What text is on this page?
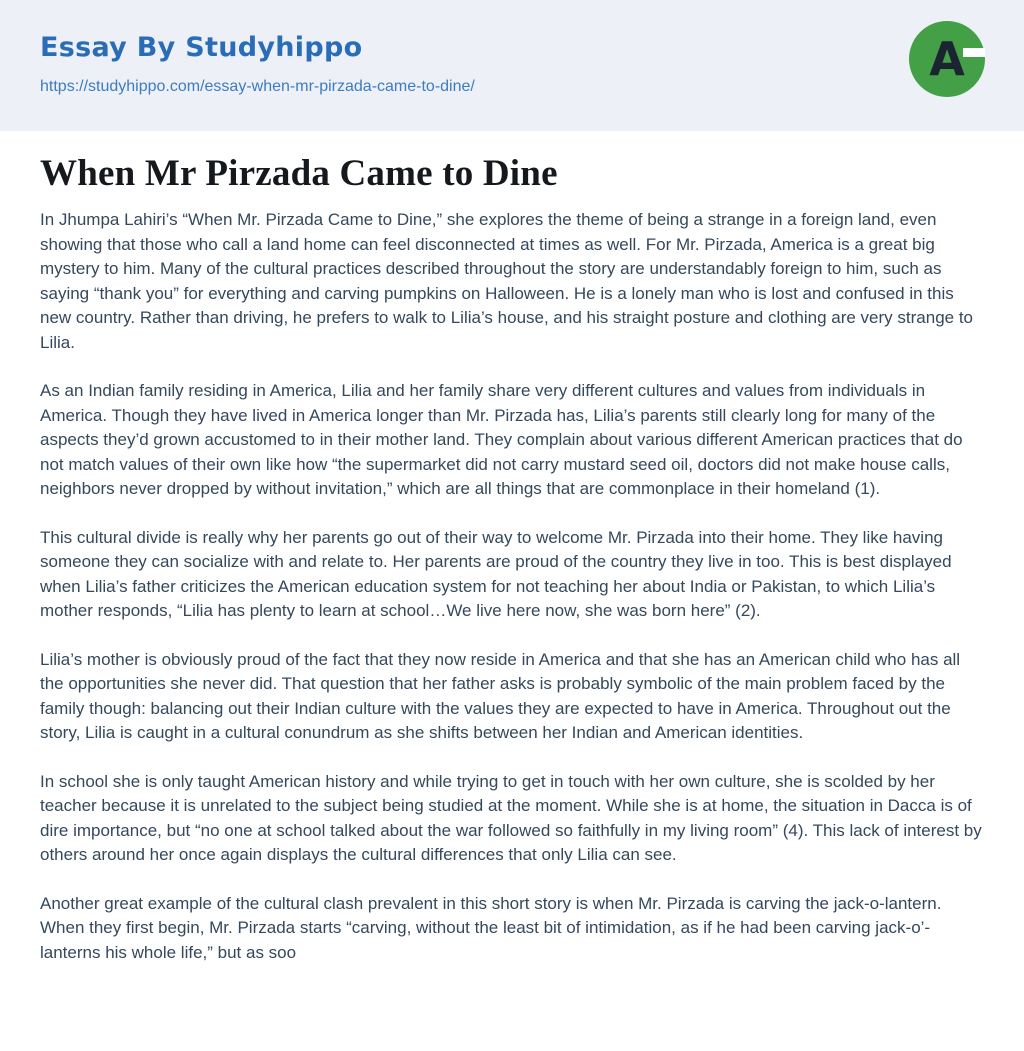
Essay By Studyhippo
https://studyhippo.com/essay-when-mr-pirzada-came-to-dine/
A
When Mr Pirzada Came to Dine

In Jhumpa Lahiri’s “When Mr. Pirzada Came to Dine,” she explores the theme of being a strange in a foreign land, even showing that those who call a land home can feel disconnected at times as well. For Mr. Pirzada, America is a great big mystery to him. Many of the cultural practices described throughout the story are understandably foreign to him, such as saying “thank you” for everything and carving pumpkins on Halloween. He is a lonely man who is lost and confused in this new country. Rather than driving, he prefers to walk to Lilia’s house, and his straight posture and clothing are very strange to Lilia.

As an Indian family residing in America, Lilia and her family share very different cultures and values from individuals in America. Though they have lived in America longer than Mr. Pirzada has, Lilia’s parents still clearly long for many of the aspects they’d grown accustomed to in their mother land. They complain about various different American practices that do not match values of their own like how “the supermarket did not carry mustard seed oil, doctors did not make house calls, neighbors never dropped by without invitation,” which are all things that are commonplace in their homeland (1).

This cultural divide is really why her parents go out of their way to welcome Mr. Pirzada into their home. They like having someone they can socialize with and relate to. Her parents are proud of the country they live in too. This is best displayed when Lilia’s father criticizes the American education system for not teaching her about India or Pakistan, to which Lilia’s mother responds, “Lilia has plenty to learn at school…We live here now, she was born here” (2).

Lilia’s mother is obviously proud of the fact that they now reside in America and that she has an American child who has all the opportunities she never did. That question that her father asks is probably symbolic of the main problem faced by the family though: balancing out their Indian culture with the values they are expected to have in America. Throughout out the story, Lilia is caught in a cultural conundrum as she shifts between her Indian and American identities.

In school she is only taught American history and while trying to get in touch with her own culture, she is scolded by her teacher because it is unrelated to the subject being studied at the moment. While she is at home, the situation in Dacca is of dire importance, but “no one at school talked about the war followed so faithfully in my living room” (4). This lack of interest by others around her once again displays the cultural differences that only Lilia can see.

Another great example of the cultural clash prevalent in this short story is when Mr. Pirzada is carving the jack-o-lantern. When they first begin, Mr. Pirzada starts “carving, without the least bit of intimidation, as if he had been carving jack-o’-lanterns his whole life,” but as soo
